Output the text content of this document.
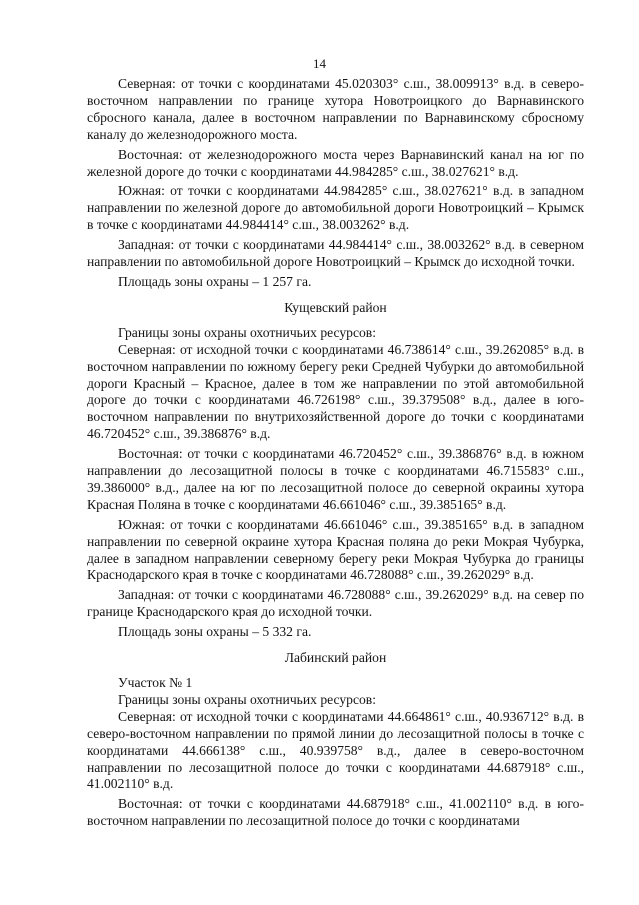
14

Северная: от точки с координатами 45.020303° с.ш., 38.009913° в.д. в северо-восточном направлении по границе хутора Новотроицкого до Варнавинского сбросного канала, далее в восточном направлении по Варнавинскому сбросному каналу до железнодорожного моста.

Восточная: от железнодорожного моста через Варнавинский канал на юг по железной дороге до точки с координатами 44.984285° с.ш., 38.027621° в.д.

Южная: от точки с координатами 44.984285° с.ш., 38.027621° в.д. в западном направлении по железной дороге до автомобильной дороги Новотроицкий – Крымск в точке с координатами 44.984414° с.ш., 38.003262° в.д.

Западная: от точки с координатами 44.984414° с.ш., 38.003262° в.д. в северном направлении по автомобильной дороге Новотроицкий – Крымск до исходной точки.

Площадь зоны охраны – 1 257 га.

Кущевский район

Границы зоны охраны охотничьих ресурсов:

Северная: от исходной точки с координатами 46.738614° с.ш., 39.262085° в.д. в восточном направлении по южному берегу реки Средней Чубурки до автомобильной дороги Красный – Красное, далее в том же направлении по этой автомобильной дороге до точки с координатами 46.726198° с.ш., 39.379508° в.д., далее в юго-восточном направлении по внутрихозяйственной дороге до точки с координатами 46.720452° с.ш., 39.386876° в.д.

Восточная: от точки с координатами 46.720452° с.ш., 39.386876° в.д. в южном направлении до лесозащитной полосы в точке с координатами 46.715583° с.ш., 39.386000° в.д., далее на юг по лесозащитной полосе до северной окраины хутора Красная Поляна в точке с координатами 46.661046° с.ш., 39.385165° в.д.

Южная: от точки с координатами 46.661046° с.ш., 39.385165° в.д. в западном направлении по северной окраине хутора Красная поляна до реки Мокрая Чубурка, далее в западном направлении северному берегу реки Мокрая Чубурка до границы Краснодарского края в точке с координатами 46.728088° с.ш., 39.262029° в.д.

Западная: от точки с координатами 46.728088° с.ш., 39.262029° в.д. на север по границе Краснодарского края до исходной точки.

Площадь зоны охраны – 5 332 га.

Лабинский район

Участок № 1

Границы зоны охраны охотничьих ресурсов:

Северная: от исходной точки с координатами 44.664861° с.ш., 40.936712° в.д. в северо-восточном направлении по прямой линии до лесозащитной полосы в точке с координатами 44.666138° с.ш., 40.939758° в.д., далее в северо-восточном направлении по лесозащитной полосе до точки с координатами 44.687918° с.ш., 41.002110° в.д.

Восточная: от точки с координатами 44.687918° с.ш., 41.002110° в.д. в юго-восточном направлении по лесозащитной полосе до точки с координатами
